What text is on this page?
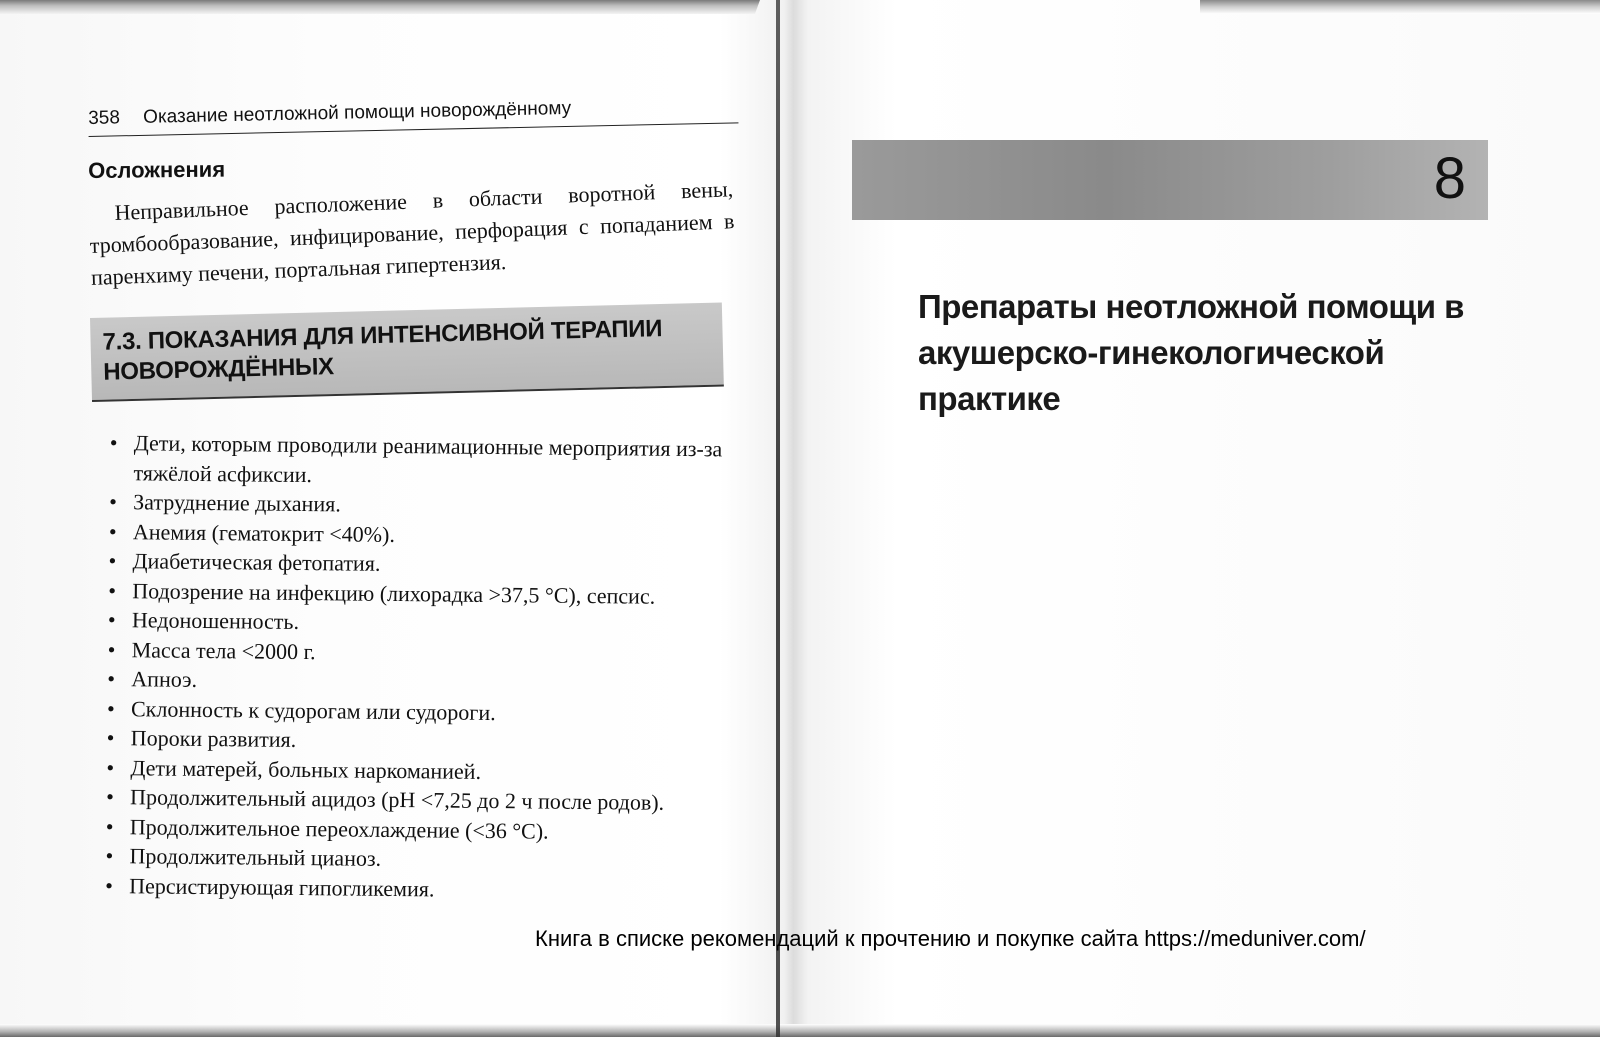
358 Оказание неотложной помощи новорождённому
Осложнения
Неправильное расположение в области воротной вены, тромбообразование, инфицирование, перфорация с попаданием в паренхиму печени, портальная гипертензия.
7.3. ПОКАЗАНИЯ ДЛЯ ИНТЕНСИВНОЙ ТЕРАПИИ НОВОРОЖДЁННЫХ
• Дети, которым проводили реанимационные мероприятия из-за тяжёлой асфиксии.
• Затруднение дыхания.
• Анемия (гематокрит <40%).
• Диабетическая фетопатия.
• Подозрение на инфекцию (лихорадка >37,5 °С), сепсис.
• Недоношенность.
• Масса тела <2000 г.
• Апноэ.
• Склонность к судорогам или судороги.
• Пороки развития.
• Дети матерей, больных наркоманией.
• Продолжительный ацидоз (рН <7,25 до 2 ч после родов).
• Продолжительное переохлаждение (<36 °С).
• Продолжительный цианоз.
• Персистирующая гипогликемия.
8
Препараты неотложной помощи в акушерско-гинекологической практике
Книга в списке рекомендаций к прочтению и покупке сайта https://meduniver.com/
